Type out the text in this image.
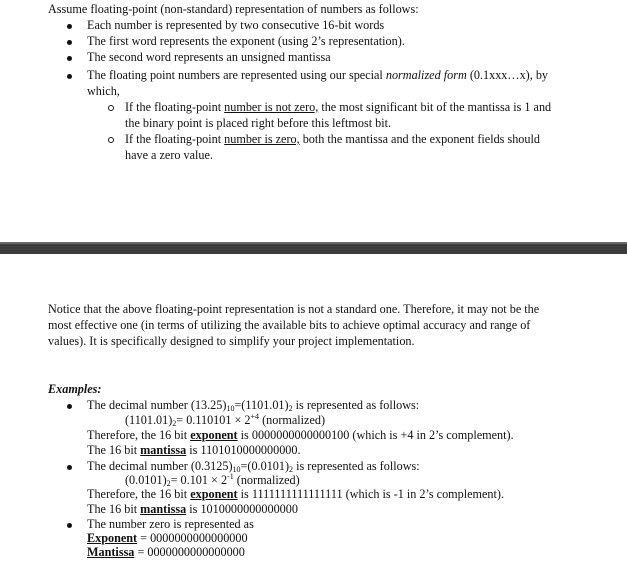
Assume floating-point (non-standard) representation of numbers as follows:
Each number is represented by two consecutive 16-bit words
The first word represents the exponent (using 2’s representation).
The second word represents an unsigned mantissa
The floating point numbers are represented using our special normalized form (0.1xxx…x), by
which,
If the floating-point number is not zero, the most significant bit of the mantissa is 1 and
the binary point is placed right before this leftmost bit.
If the floating-point number is zero, both the mantissa and the exponent fields should
have a zero value.
Notice that the above floating-point representation is not a standard one. Therefore, it may not be the
most effective one (in terms of utilizing the available bits to achieve optimal accuracy and range of
values). It is specifically designed to simplify your project implementation.
Examples:
The decimal number $(13.25)_{10}=(1101.01)_2$ is represented as follows:
$(1101.01)_2= 0.110101 \times 2^{+4}$ (normalized)
Therefore, the 16 bit exponent is 0000000000000100 (which is +4 in 2’s complement).
The 16 bit mantissa is 1101010000000000.
The decimal number $(0.3125)_{10}=(0.0101)_2$ is represented as follows:
$(0.0101)_2= 0.101 \times 2^{-1}$ (normalized)
Therefore, the 16 bit exponent is 1111111111111111 (which is -1 in 2’s complement).
The 16 bit mantissa is 1010000000000000
The number zero is represented as
Exponent = 0000000000000000
Mantissa = 0000000000000000
